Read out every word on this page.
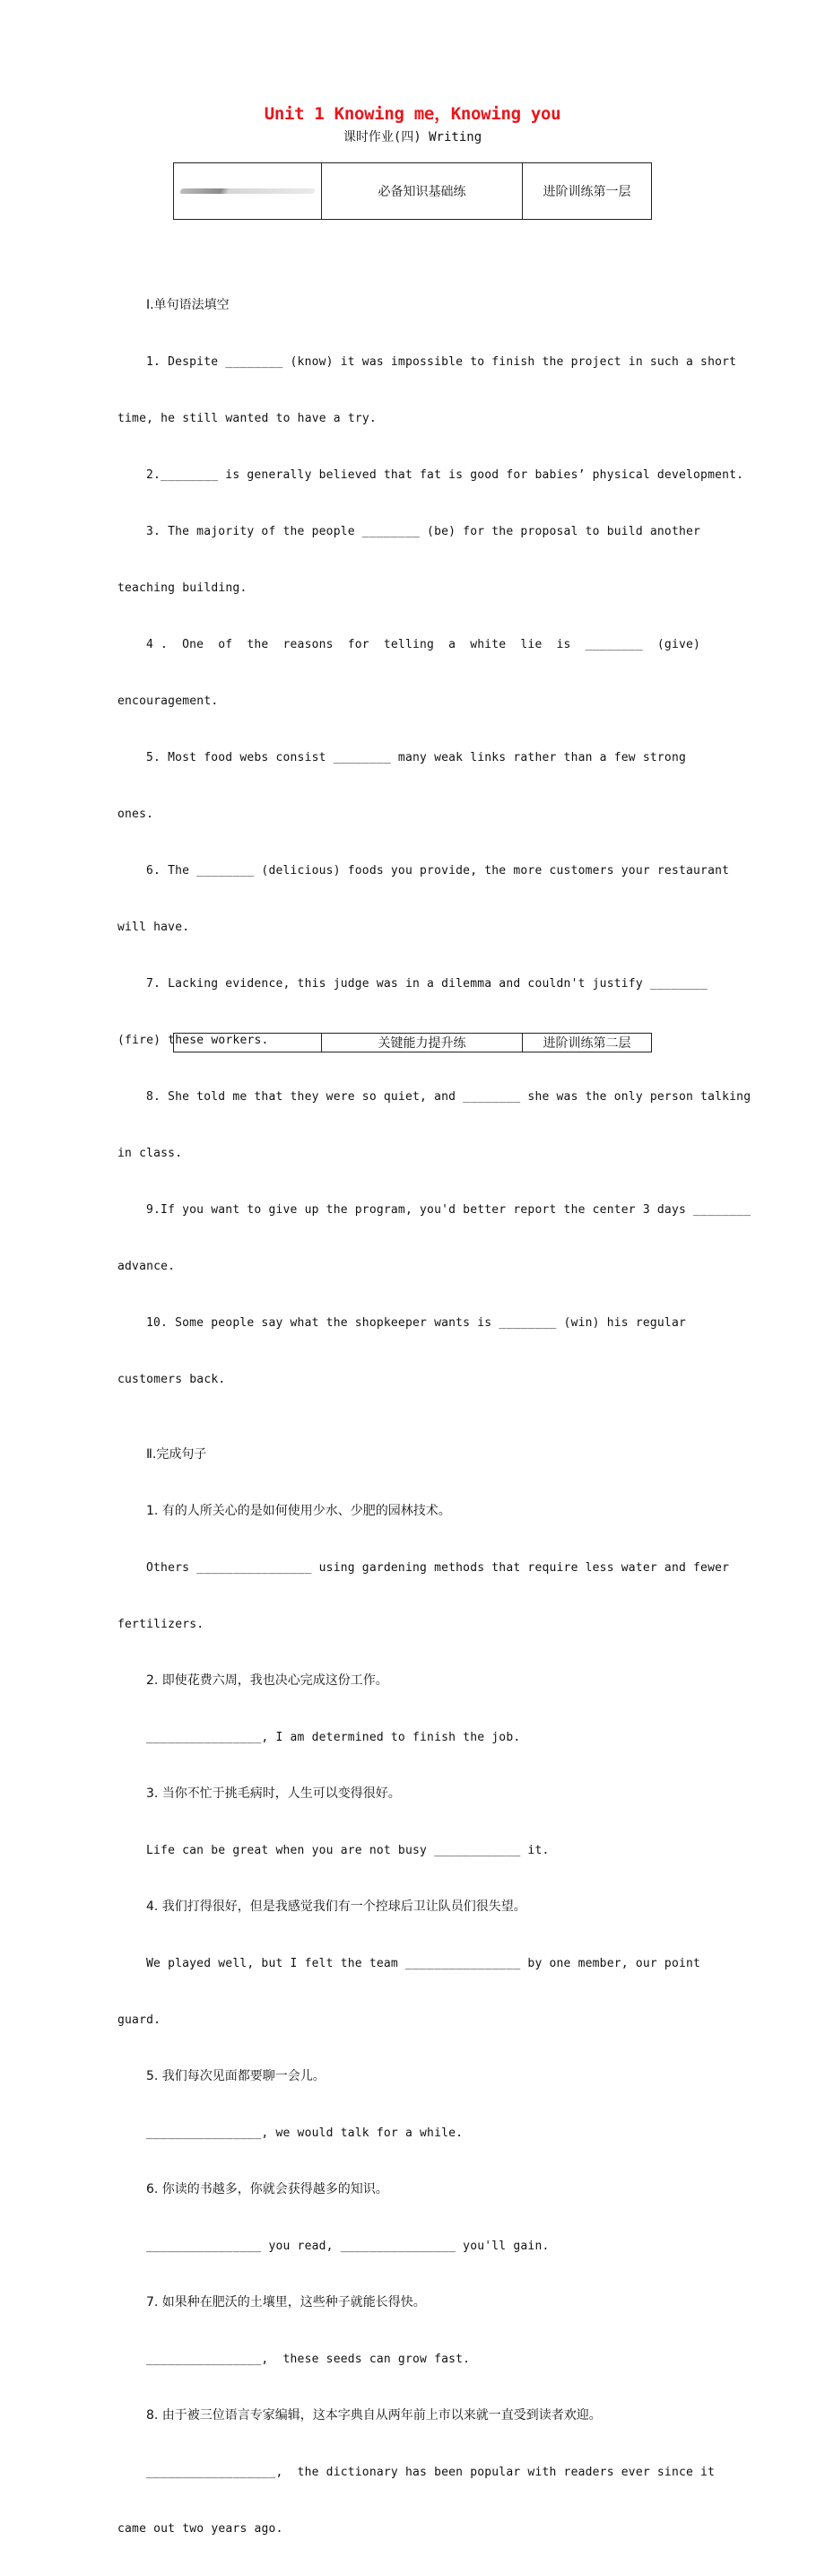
Unit 1 Knowing me，Knowing you
课时作业(四) Writing
	必备知识基础练	进阶训练第一层

Ⅰ.单句语法填空

1. Despite ________ (know) it was impossible to finish the project in such a short

time, he still wanted to have a try.

2.________ is generally believed that fat is good for babies’ physical development.

3. The majority of the people ________ (be) for the proposal to build another

teaching building.

4 .  One  of  the  reasons  for  telling  a  white  lie  is  ________  (give)

encouragement.

5. Most food webs consist ________ many weak links rather than a few strong

ones.

6. The ________ (delicious) foods you provide, the more customers your restaurant

will have.

7. Lacking evidence, this judge was in a dilemma and couldn't justify ________

(fire) these workers.

8. She told me that they were so quiet, and ________ she was the only person talking

in class.

9.If you want to give up the program, you'd better report the center 3 days ________

advance.

10. Some people say what the shopkeeper wants is ________ (win) his regular

customers back.

Ⅱ.完成句子

1. 有的人所关心的是如何使用少水、少肥的园林技术。

Others ________________ using gardening methods that require less water and fewer

fertilizers.

2. 即使花费六周，我也决心完成这份工作。

________________, I am determined to finish the job.

3. 当你不忙于挑毛病时，人生可以变得很好。

Life can be great when you are not busy ____________ it.

4. 我们打得很好，但是我感觉我们有一个控球后卫让队员们很失望。

We played well, but I felt the team ________________ by one member, our point

guard.

5. 我们每次见面都要聊一会儿。

________________, we would talk for a while.

6. 你读的书越多，你就会获得越多的知识。

________________ you read, ________________ you'll gain.

7. 如果种在肥沃的土壤里，这些种子就能长得快。

________________,  these seeds can grow fast.

8. 由于被三位语言专家编辑，这本字典自从两年前上市以来就一直受到读者欢迎。

__________________,  the dictionary has been popular with readers ever since it

came out two years ago.

	关键能力提升练	进阶训练第二层
